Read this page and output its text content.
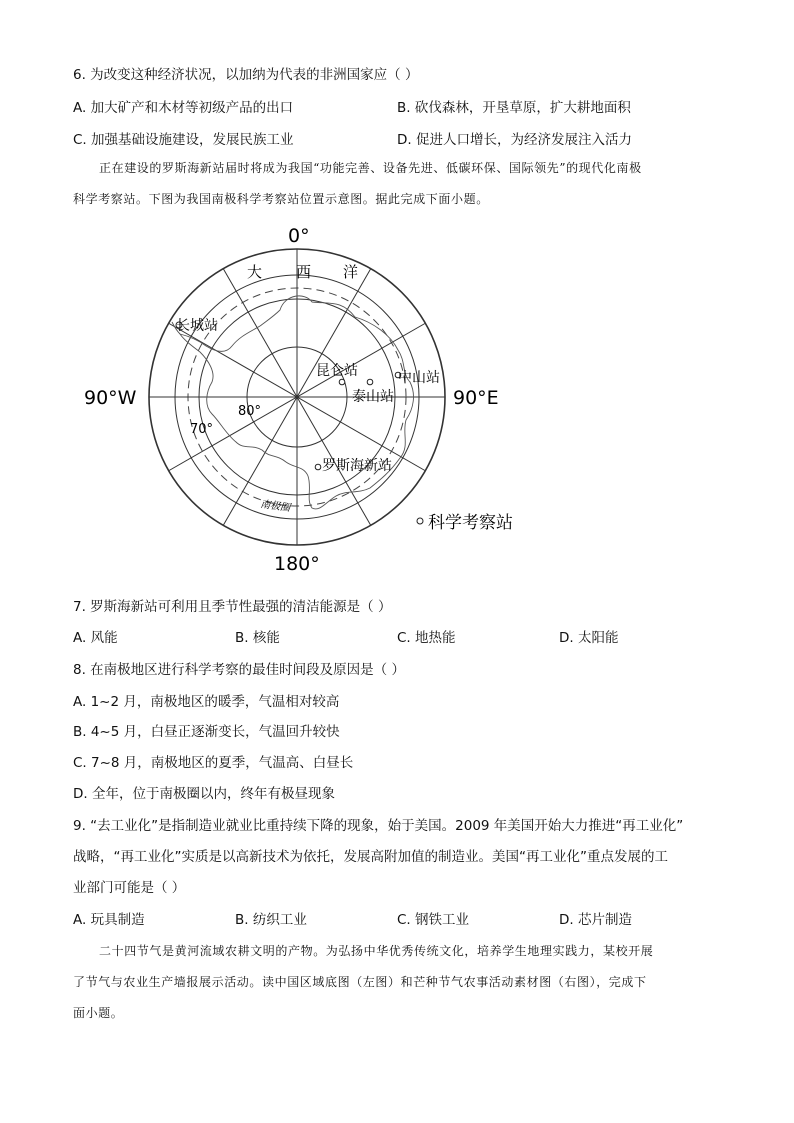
6. 为改变这种经济状况，以加纳为代表的非洲国家应（ ）
A. 加大矿产和木材等初级产品的出口	B. 砍伐森林，开垦草原，扩大耕地面积
C. 加强基础设施建设，发展民族工业	D. 促进人口增长，为经济发展注入活力
正在建设的罗斯海新站届时将成为我国“功能完善、设备先进、低碳环保、国际领先”的现代化南极
科学考察站。下图为我国南极科学考察站位置示意图。据此完成下面小题。
0°
180°
90°W	90°E
大 西 洋
80°
70°
南极圈
长城站
昆仑站	中山站
泰山站
罗斯海新站
科学考察站
7. 罗斯海新站可利用且季节性最强的清洁能源是（ ）
A. 风能	B. 核能	C. 地热能	D. 太阳能
8. 在南极地区进行科学考察的最佳时间段及原因是（ ）
A. 1~2 月，南极地区的暖季，气温相对较高
B. 4~5 月，白昼正逐渐变长，气温回升较快
C. 7~8 月，南极地区的夏季，气温高、白昼长
D. 全年，位于南极圈以内，终年有极昼现象
9. “去工业化”是指制造业就业比重持续下降的现象，始于美国。2009 年美国开始大力推进“再工业化”
战略，“再工业化”实质是以高新技术为依托，发展高附加值的制造业。美国“再工业化”重点发展的工
业部门可能是（ ）
A. 玩具制造	B. 纺织工业	C. 钢铁工业	D. 芯片制造
二十四节气是黄河流域农耕文明的产物。为弘扬中华优秀传统文化，培养学生地理实践力，某校开展
了节气与农业生产墙报展示活动。读中国区域底图（左图）和芒种节气农事活动素材图（右图），完成下
面小题。
